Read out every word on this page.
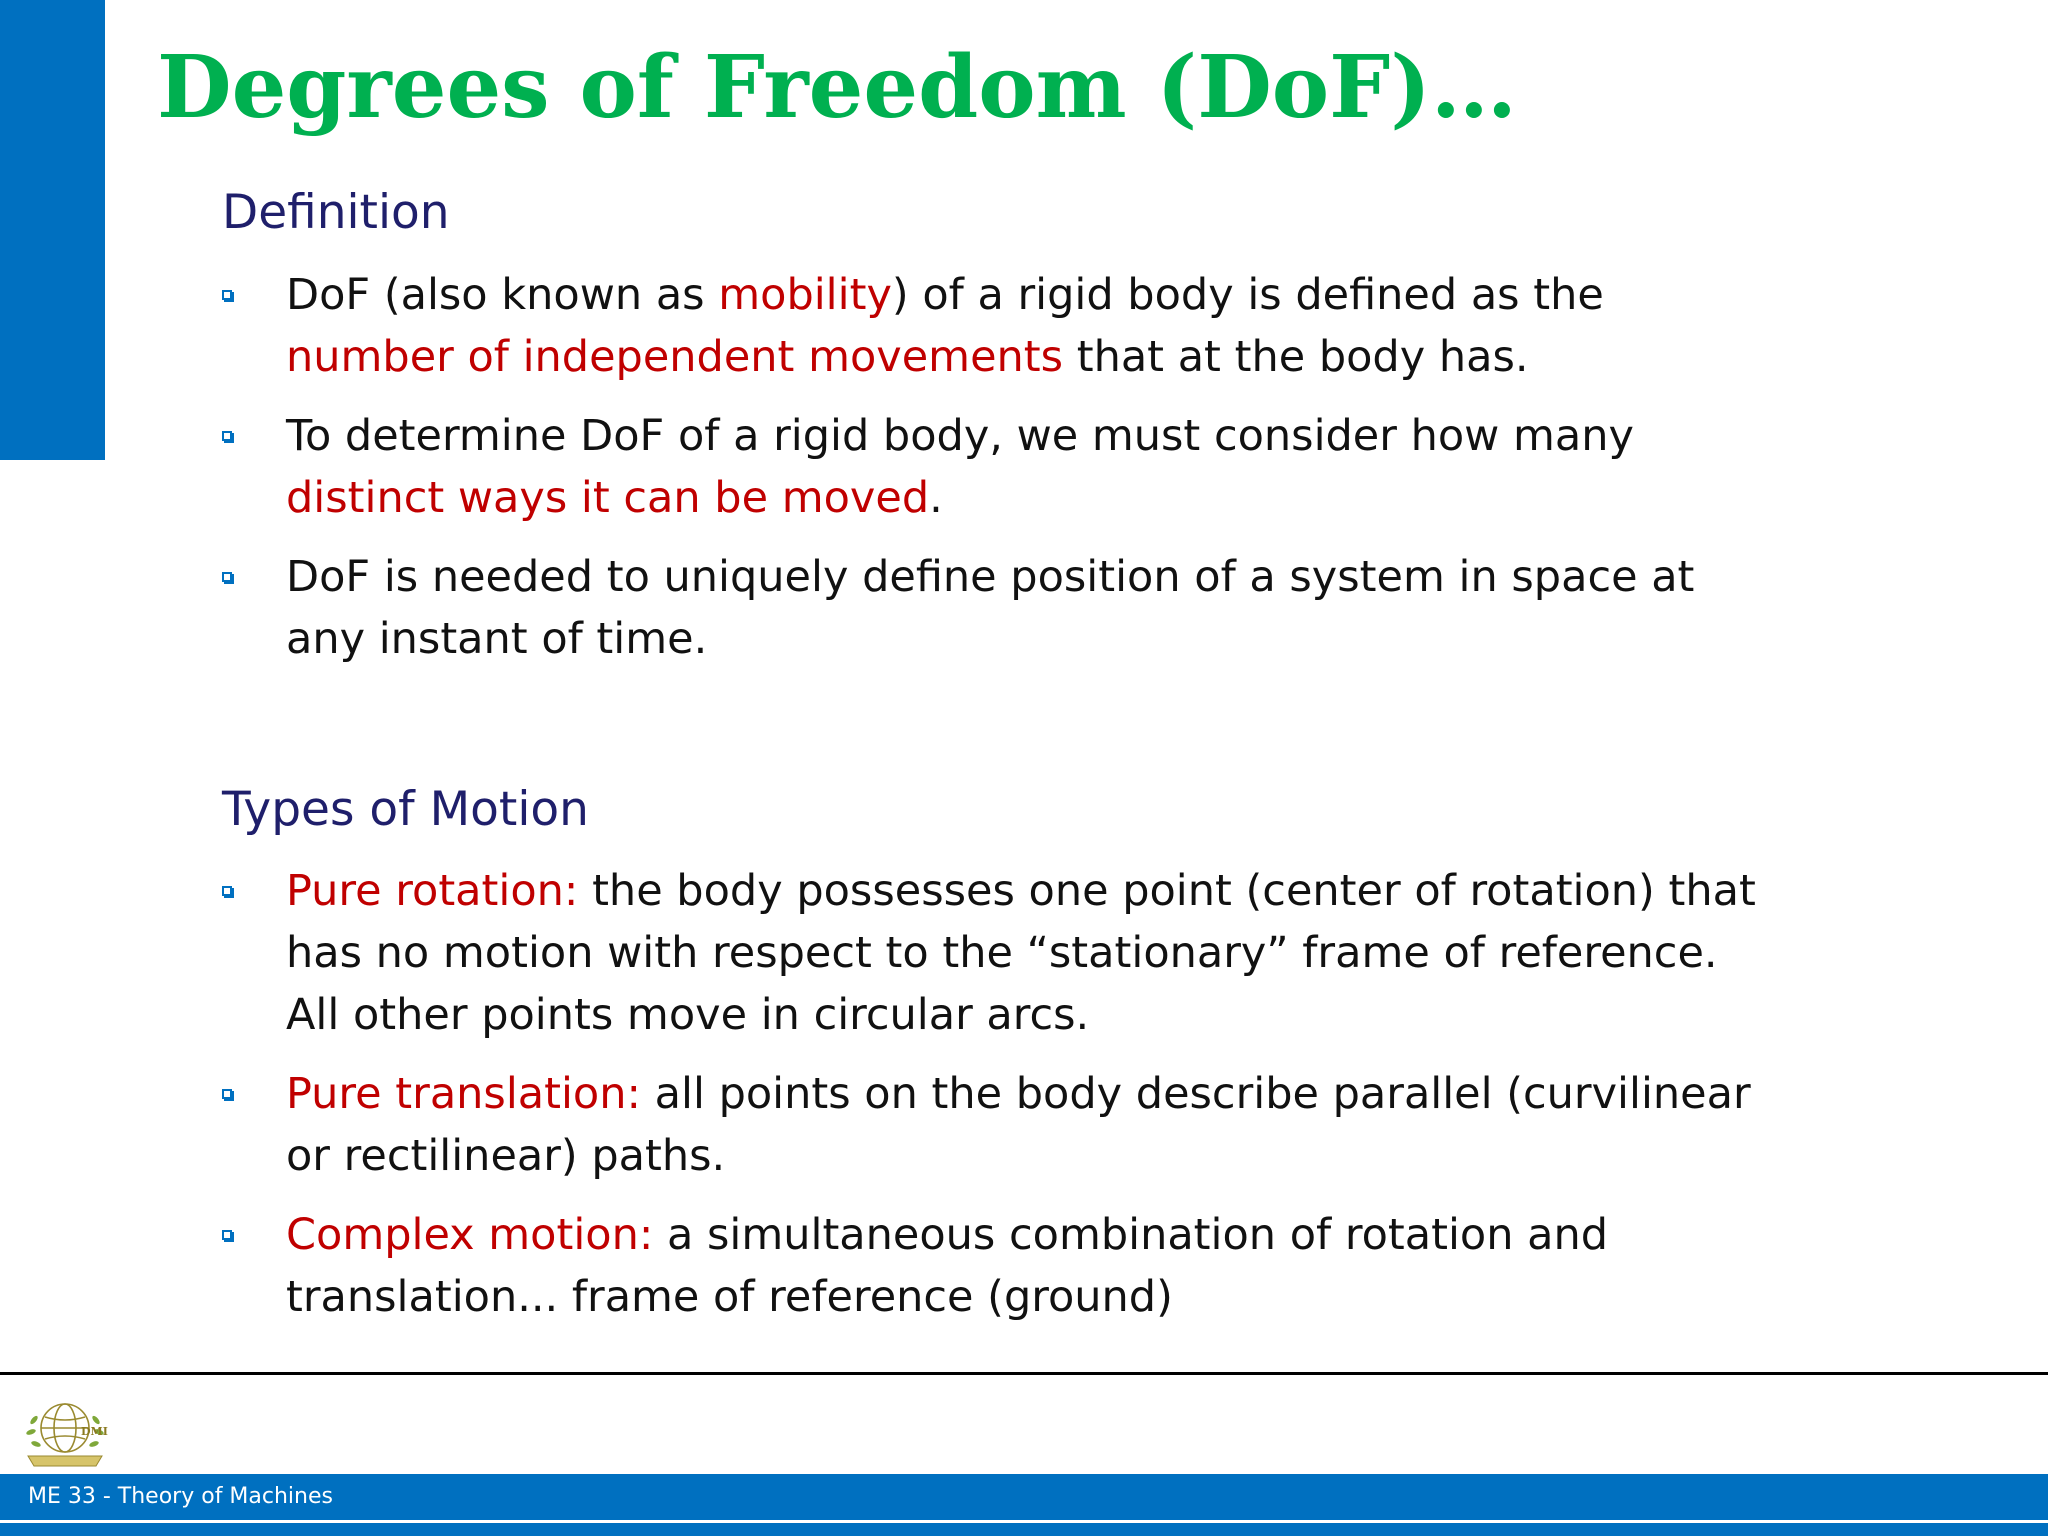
Degrees of Freedom (DoF)…
Definition
DoF (also known as mobility) of a rigid body is defined as the number of independent movements that at the body has.
To determine DoF of a rigid body, we must consider how many distinct ways it can be moved.
DoF is needed to uniquely define position of a system in space at any instant of time.
Types of Motion
Pure rotation: the body possesses one point (center of rotation) that has no motion with respect to the “stationary” frame of reference. All other points move in circular arcs.
Pure translation: all points on the body describe parallel (curvilinear or rectilinear) paths.
Complex motion: a simultaneous combination of rotation and translation... frame of reference (ground)
DMI
ME 33 - Theory of Machines
